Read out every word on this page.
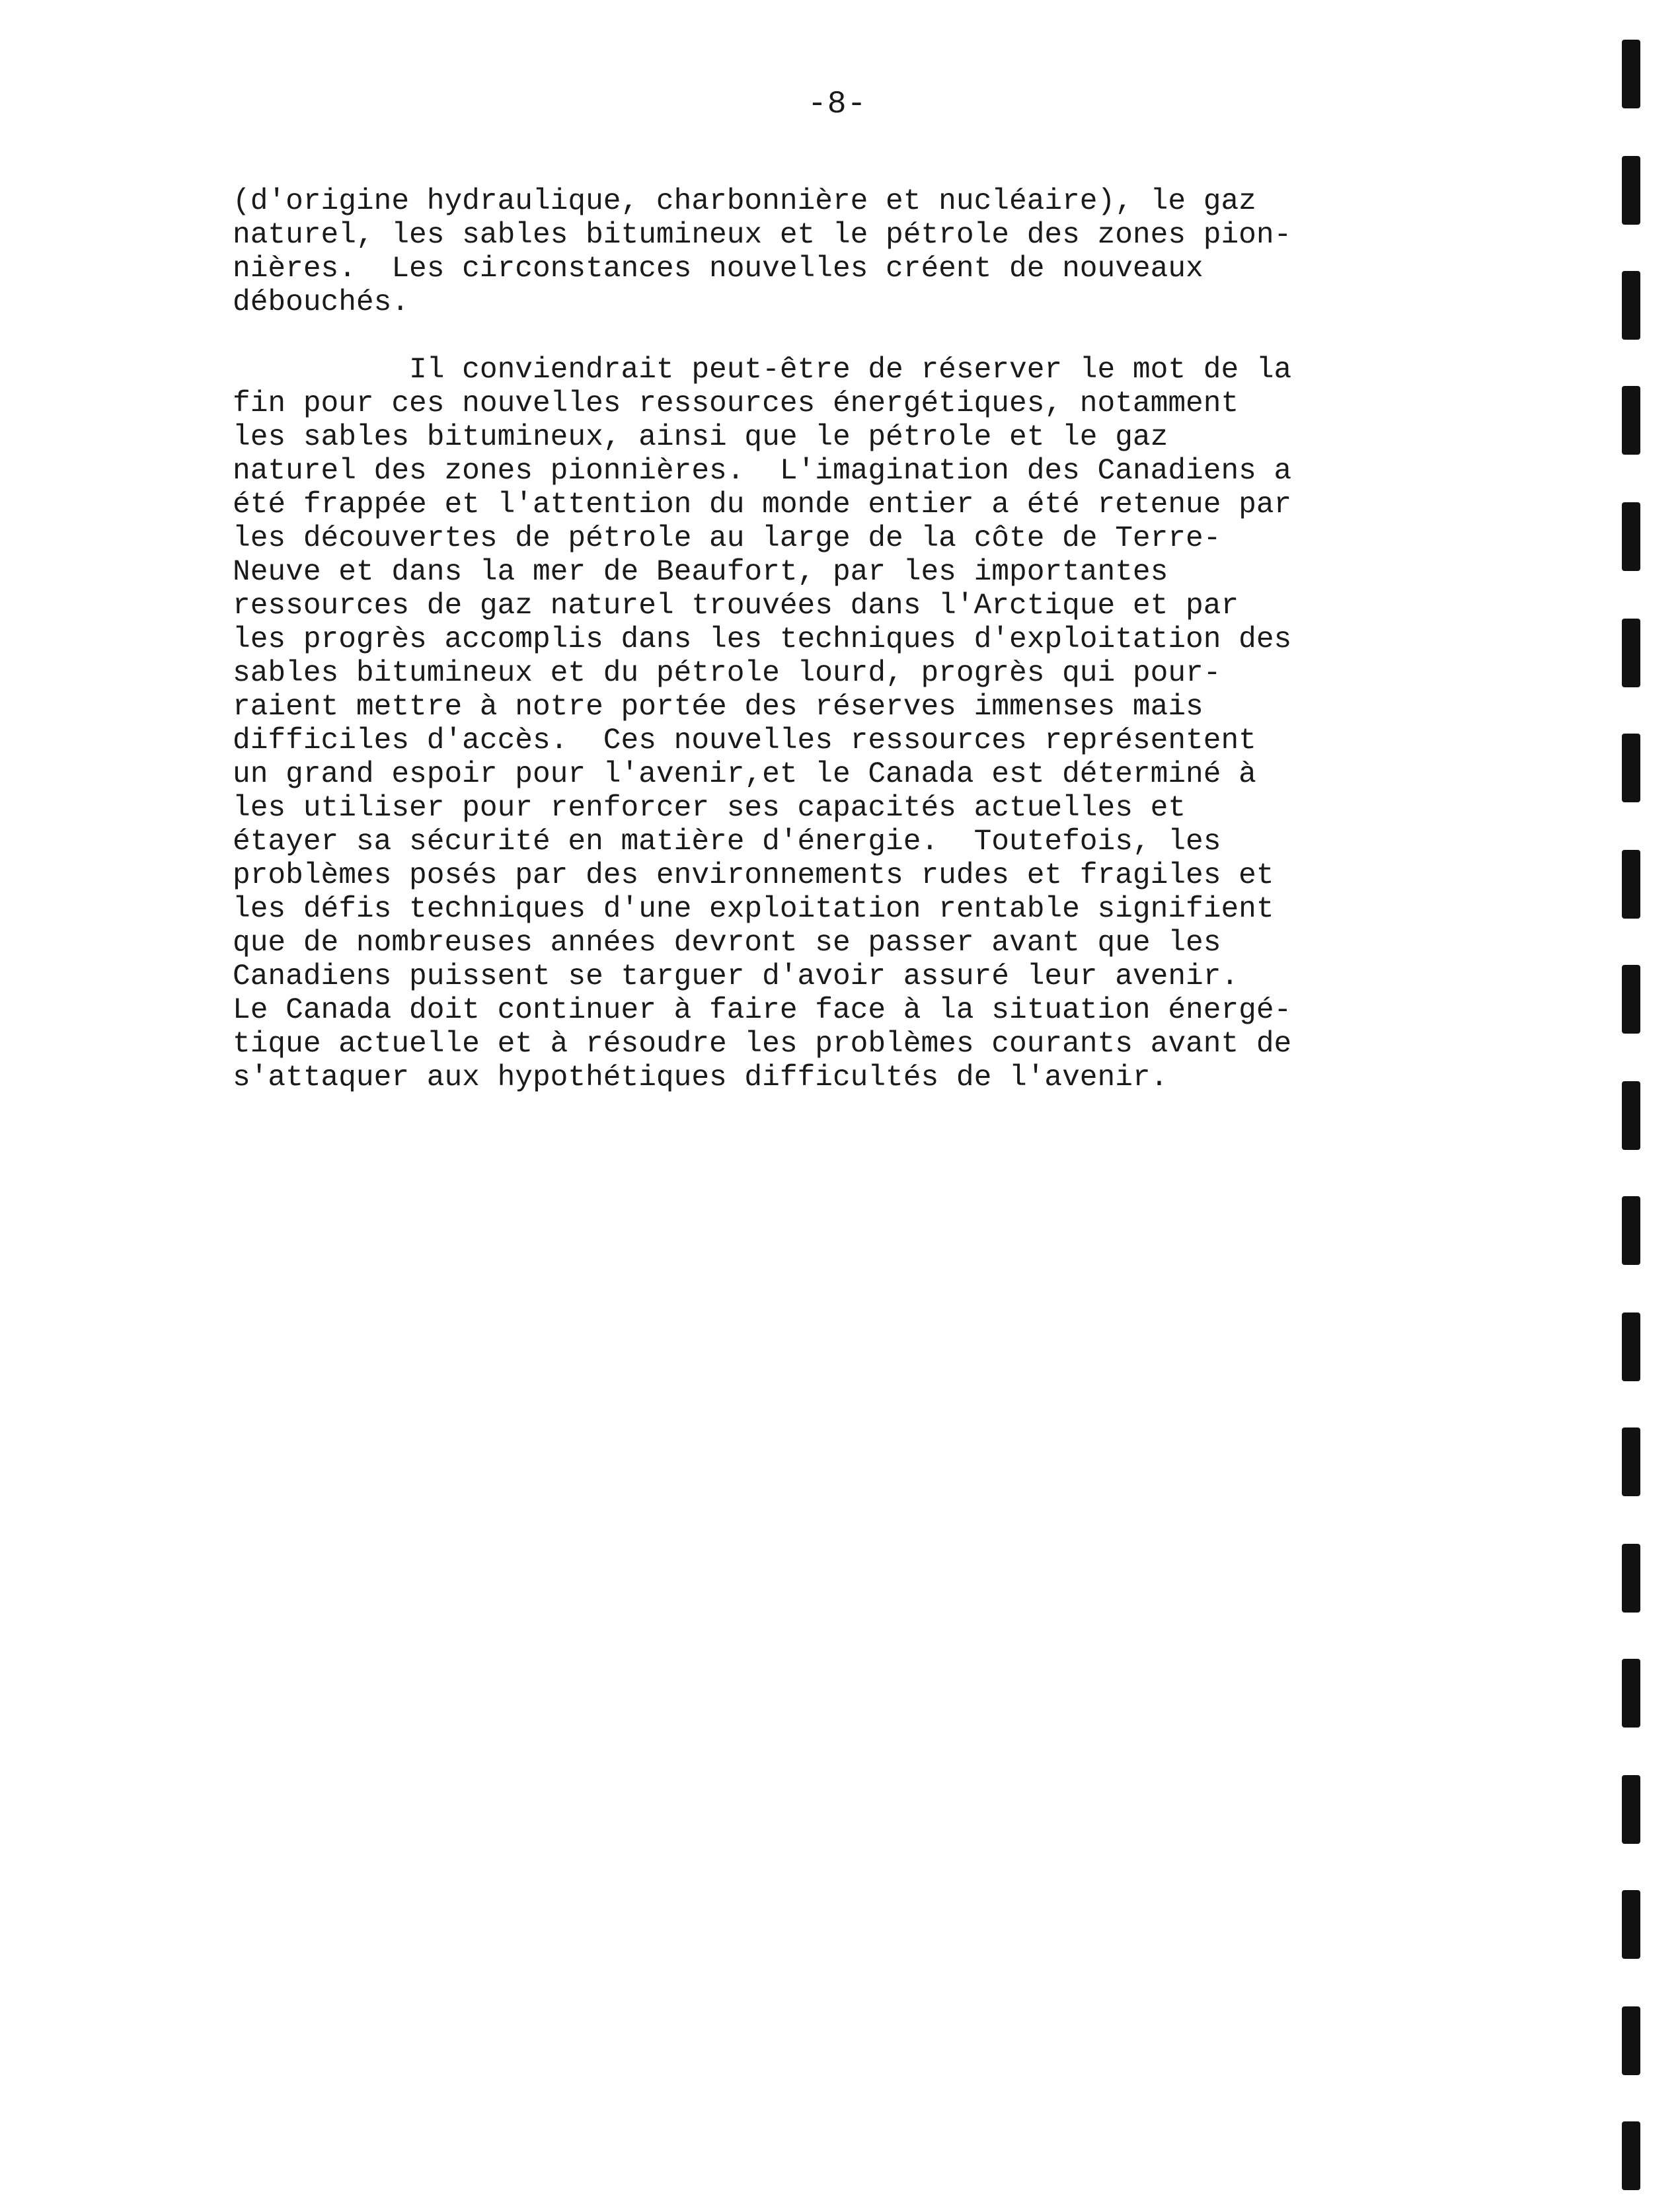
-8-
(d'origine hydraulique, charbonnière et nucléaire), le gaz
naturel, les sables bitumineux et le pétrole des zones pion-
nières.  Les circonstances nouvelles créent de nouveaux
débouchés.
Il conviendrait peut-être de réserver le mot de la
fin pour ces nouvelles ressources énergétiques, notamment
les sables bitumineux, ainsi que le pétrole et le gaz
naturel des zones pionnières.  L'imagination des Canadiens a
été frappée et l'attention du monde entier a été retenue par
les découvertes de pétrole au large de la côte de Terre-
Neuve et dans la mer de Beaufort, par les importantes
ressources de gaz naturel trouvées dans l'Arctique et par
les progrès accomplis dans les techniques d'exploitation des
sables bitumineux et du pétrole lourd, progrès qui pour-
raient mettre à notre portée des réserves immenses mais
difficiles d'accès.  Ces nouvelles ressources représentent
un grand espoir pour l'avenir,et le Canada est déterminé à
les utiliser pour renforcer ses capacités actuelles et
étayer sa sécurité en matière d'énergie.  Toutefois, les
problèmes posés par des environnements rudes et fragiles et
les défis techniques d'une exploitation rentable signifient
que de nombreuses années devront se passer avant que les
Canadiens puissent se targuer d'avoir assuré leur avenir.
Le Canada doit continuer à faire face à la situation énergé-
tique actuelle et à résoudre les problèmes courants avant de
s'attaquer aux hypothétiques difficultés de l'avenir.
